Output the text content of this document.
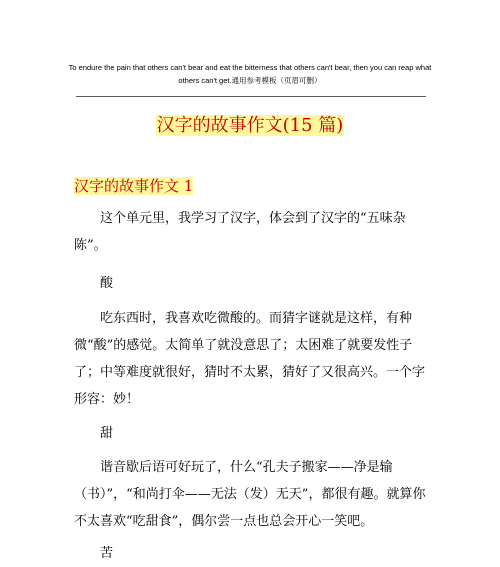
To endure the pain that others can't bear and eat the bitterness that others can't bear, then you can reap what
others can't get.通用参考模板（页眉可删）
汉字的故事作文(15 篇)
汉字的故事作文 1

这个单元里，我学习了汉字，体会到了汉字的“五味杂陈”。

酸

吃东西时，我喜欢吃微酸的。而猜字谜就是这样，有种微“酸”的感觉。太简单了就没意思了；太困难了就要发性子了；中等难度就很好，猜时不太累，猜好了又很高兴。一个字形容：妙！

甜

谐音歇后语可好玩了，什么“孔夫子搬家——净是输（书）”，“和尚打伞——无法（发）无天”，都很有趣。就算你不太喜欢“吃甜食”，偶尔尝一点也总会开心一笑吧。

苦
